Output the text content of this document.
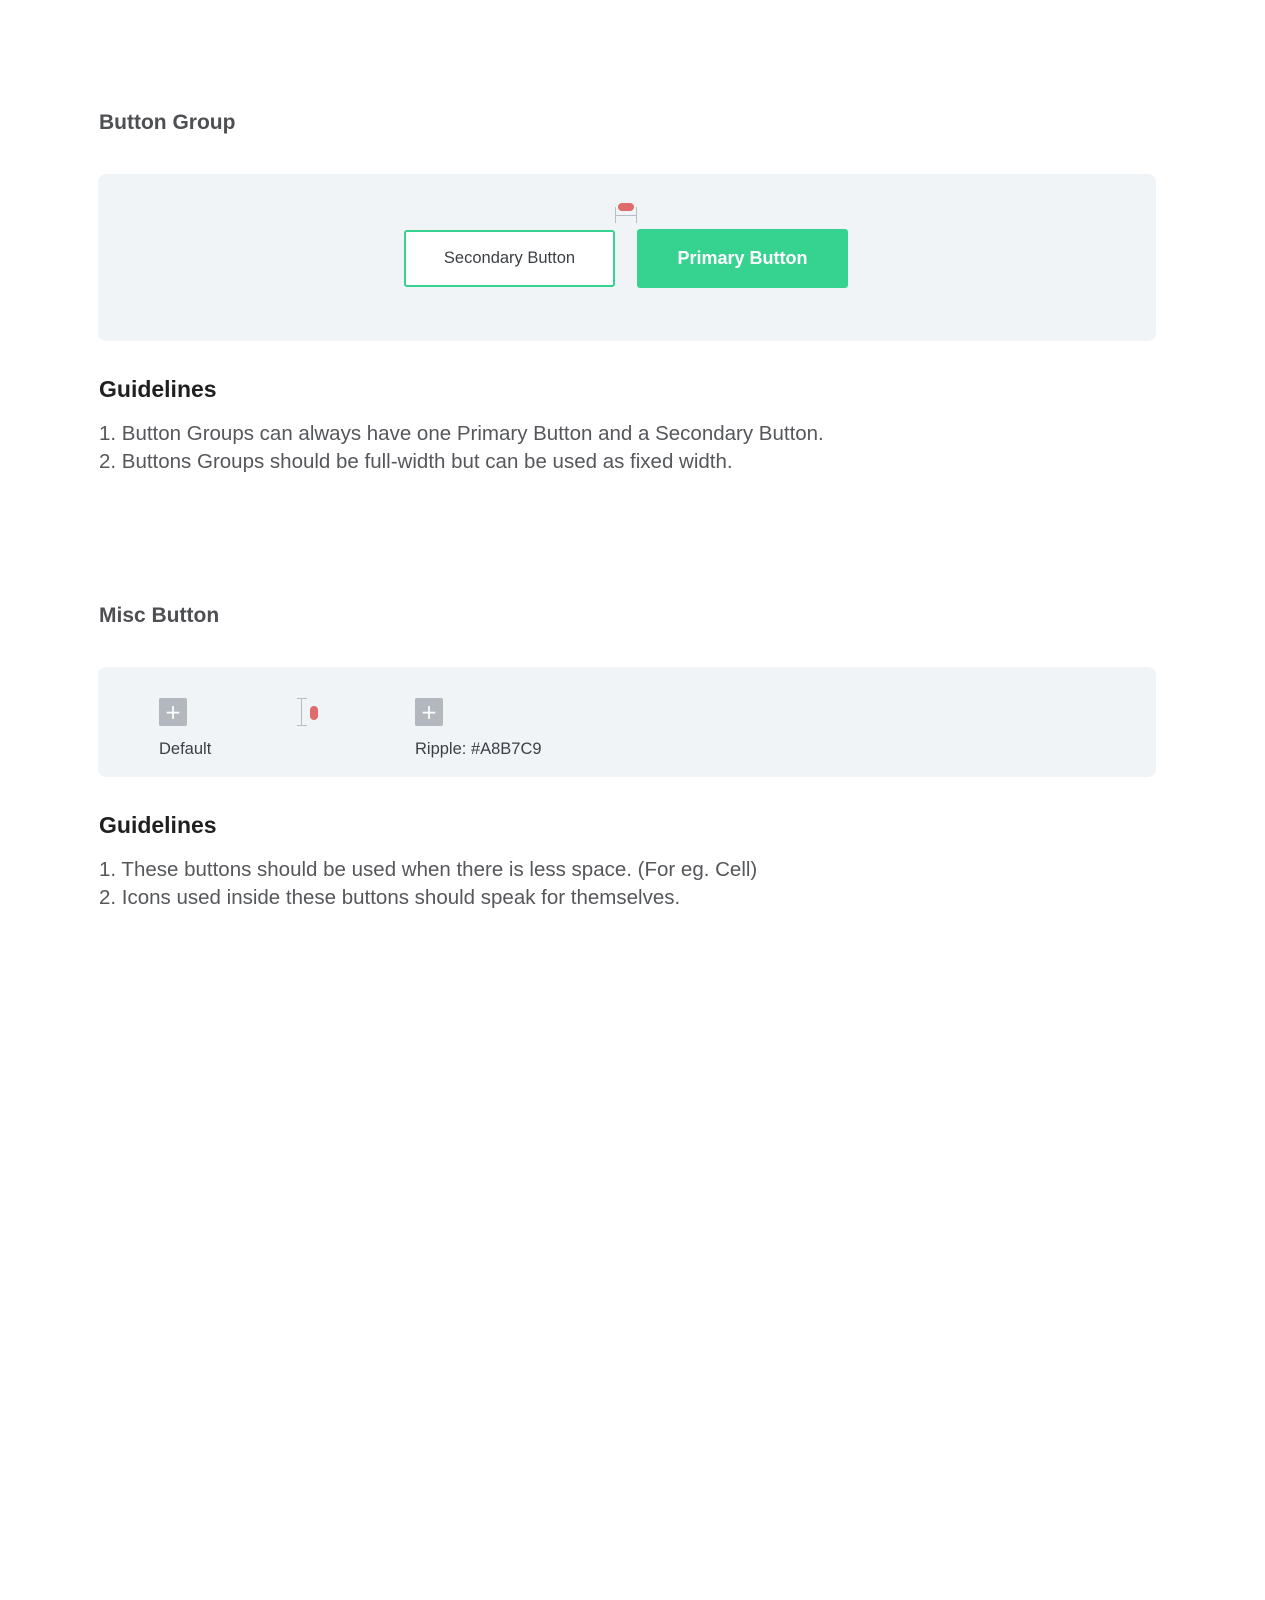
Button Group
Secondary Button	Primary Button
Guidelines
1. Button Groups can always have one Primary Button and a Secondary Button.
2. Buttons Groups should be full-width but can be used as fixed width.
Misc Button
+
Default
+
Ripple: #A8B7C9
Guidelines
1. These buttons should be used when there is less space. (For eg. Cell)
2. Icons used inside these buttons should speak for themselves.
